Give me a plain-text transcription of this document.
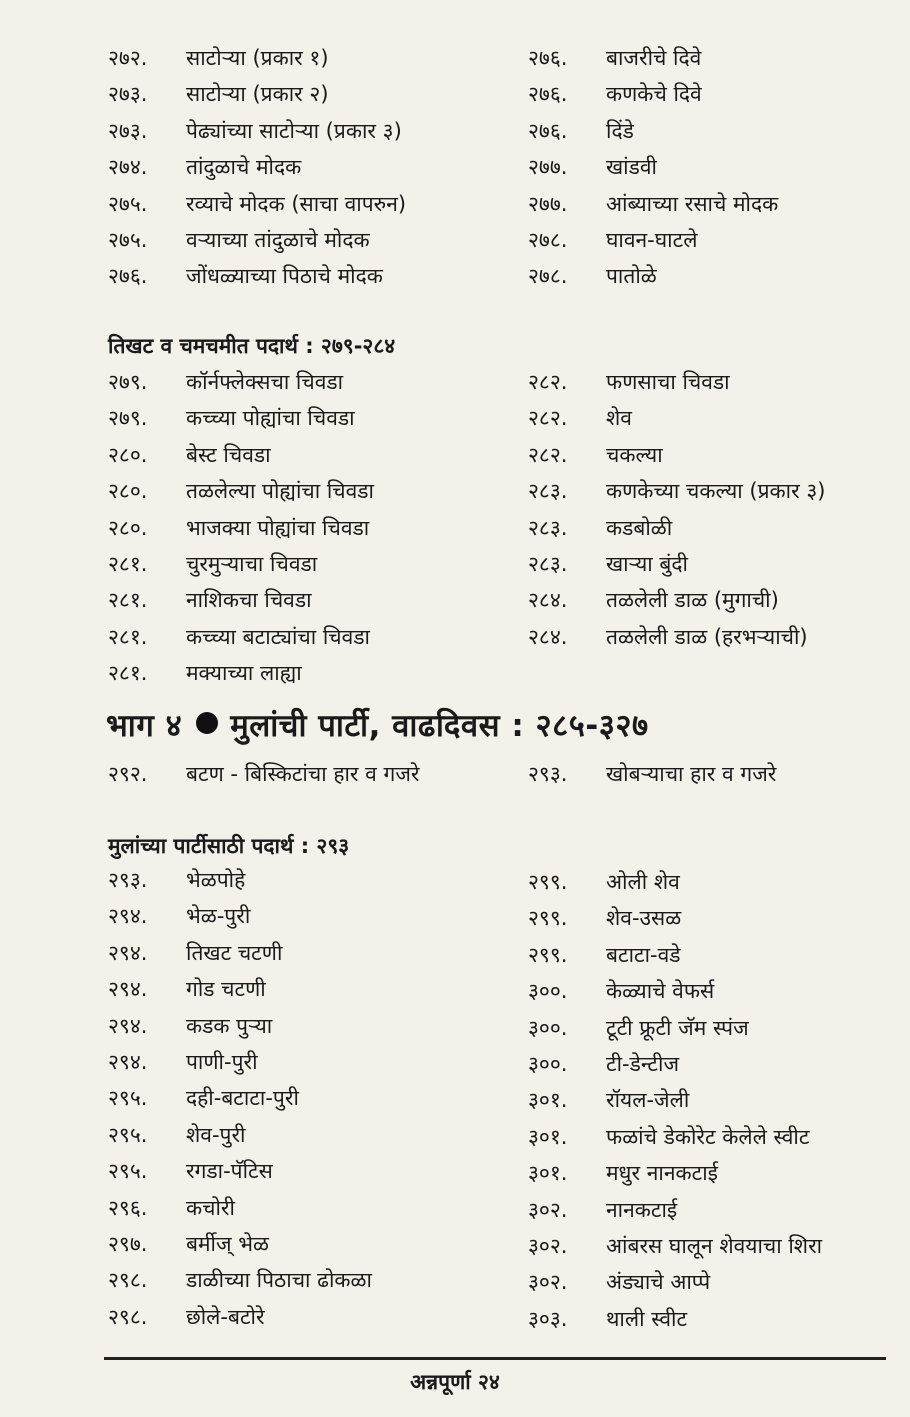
२७२. साटोऱ्या (प्रकार १)
२७३. साटोऱ्या (प्रकार २)
२७३. पेढ्यांच्या साटोऱ्या (प्रकार ३)
२७४. तांदुळाचे मोदक
२७५. रव्याचे मोदक (साचा वापरुन)
२७५. वऱ्याच्या तांदुळाचे मोदक
२७६. जोंधळ्याच्या पिठाचे मोदक
२७६. बाजरीचे दिवे
२७६. कणकेचे दिवे
२७६. दिंडे
२७७. खांडवी
२७७. आंब्याच्या रसाचे मोदक
२७८. घावन-घाटले
२७८. पातोळे
तिखट व चमचमीत पदार्थ : २७९-२८४
२७९. कॉर्नफ्लेक्सचा चिवडा
२७९. कच्च्या पोह्यांचा चिवडा
२८०. बेस्ट चिवडा
२८०. तळलेल्या पोह्यांचा चिवडा
२८०. भाजक्या पोह्यांचा चिवडा
२८१. चुरमुऱ्याचा चिवडा
२८१. नाशिकचा चिवडा
२८१. कच्च्या बटाट्यांचा चिवडा
२८१. मक्याच्या लाह्या
२८२. फणसाचा चिवडा
२८२. शेव
२८२. चकल्या
२८३. कणकेच्या चकल्या (प्रकार ३)
२८३. कडबोळी
२८३. खाऱ्या बुंदी
२८४. तळलेली डाळ (मुगाची)
२८४. तळलेली डाळ (हरभऱ्याची)
भाग ४ मुलांची पार्टी, वाढदिवस : २८५-३२७
२९२. बटण - बिस्किटांचा हार व गजरे	२९३. खोबऱ्याचा हार व गजरे
मुलांच्या पार्टीसाठी पदार्थ : २९३
२९३. भेळपोहे
२९४. भेळ-पुरी
२९४. तिखट चटणी
२९४. गोड चटणी
२९४. कडक पुऱ्या
२९४. पाणी-पुरी
२९५. दही-बटाटा-पुरी
२९५. शेव-पुरी
२९५. रगडा-पॅटिस
२९६. कचोरी
२९७. बर्मीज् भेळ
२९८. डाळीच्या पिठाचा ढोकळा
२९८. छोले-बटोरे
२९९. ओली शेव
२९९. शेव-उसळ
२९९. बटाटा-वडे
३००. केळ्याचे वेफर्स
३००. टूटी फ्रूटी जॅम स्पंज
३००. टी-डेन्टीज
३०१. रॉयल-जेली
३०१. फळांचे डेकोरेट केलेले स्वीट
३०१. मधुर नानकटाई
३०२. नानकटाई
३०२. आंबरस घालून शेवयाचा शिरा
३०२. अंड्याचे आप्पे
३०३. थाली स्वीट
अन्नपूर्णा २४
